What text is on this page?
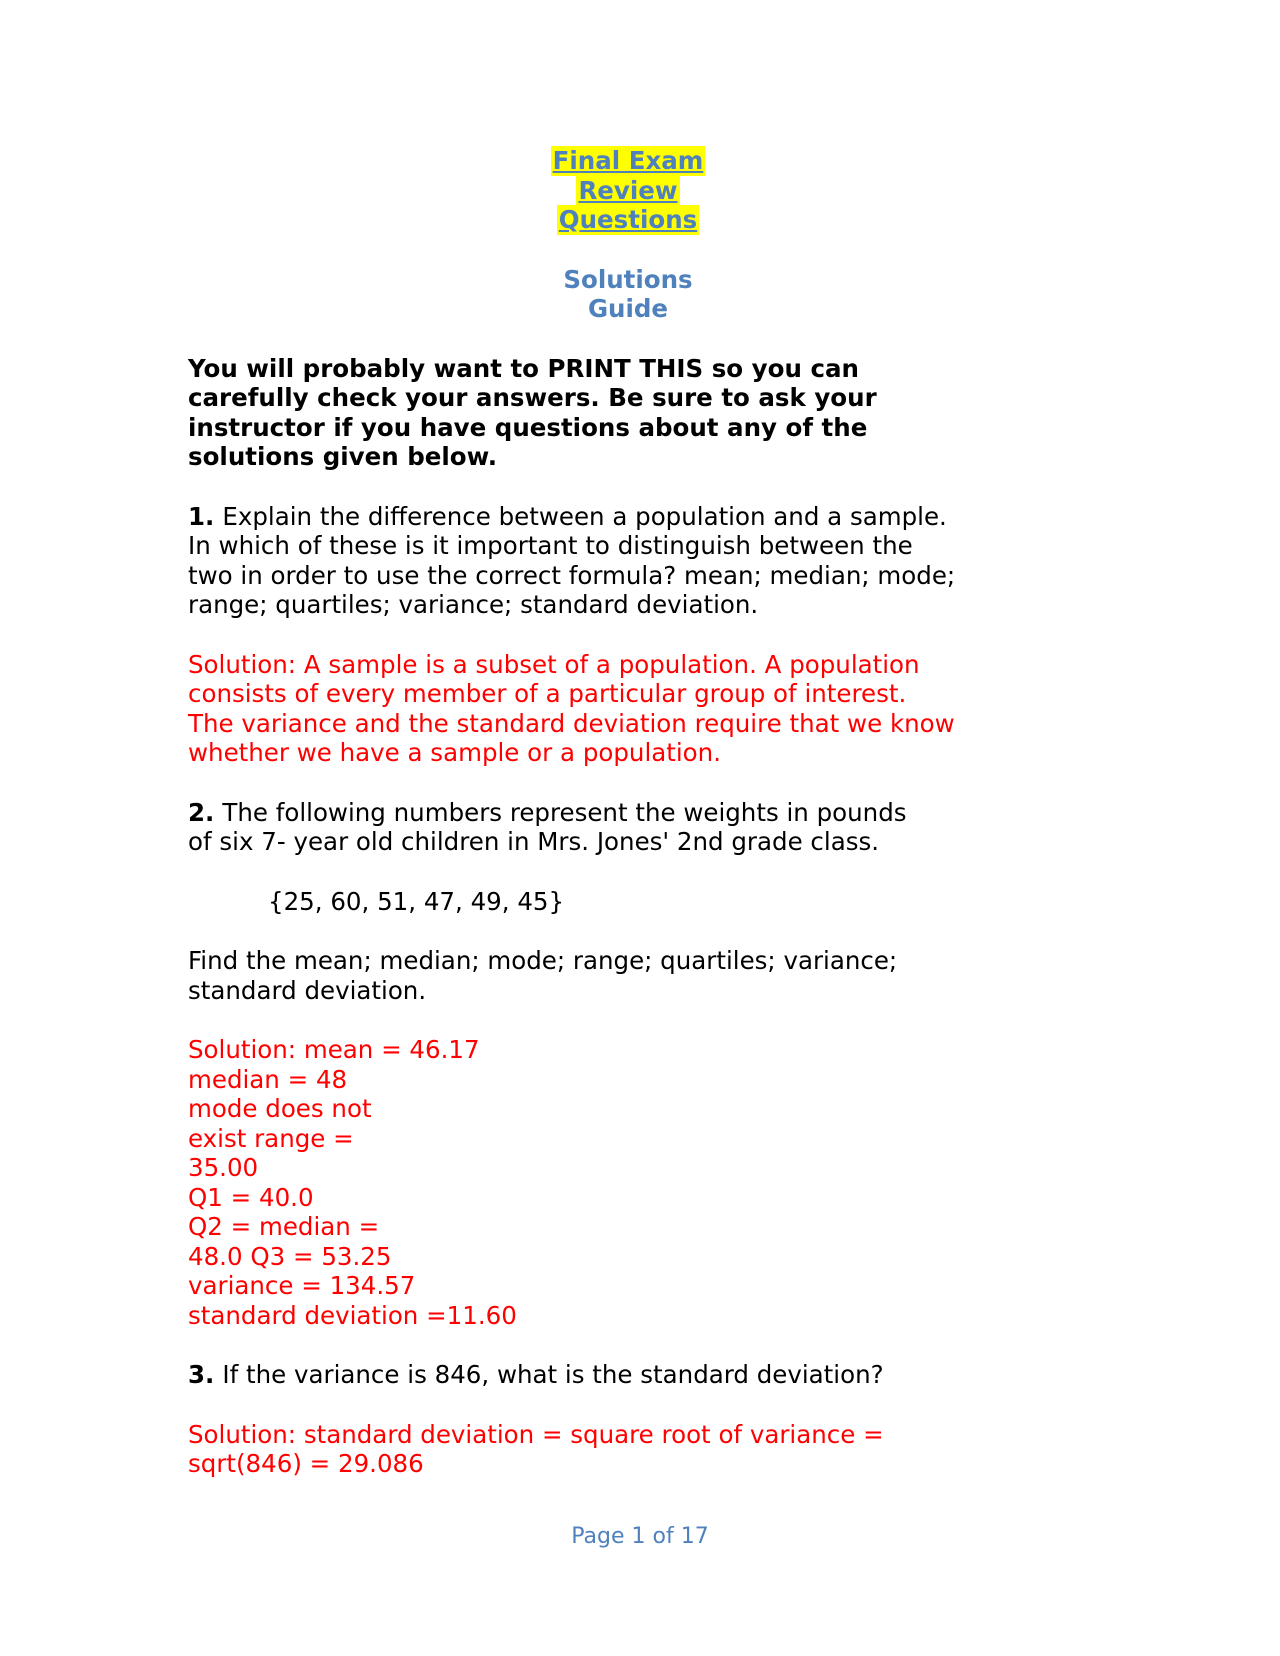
Final Exam
Review
Questions
Solutions
Guide
You will probably want to PRINT THIS so you can
carefully check your answers. Be sure to ask your
instructor if you have questions about any of the
solutions given below.
1. Explain the difference between a population and a sample.
In which of these is it important to distinguish between the
two in order to use the correct formula? mean; median; mode;
range; quartiles; variance; standard deviation.
Solution: A sample is a subset of a population. A population
consists of every member of a particular group of interest.
The variance and the standard deviation require that we know
whether we have a sample or a population.
2. The following numbers represent the weights in pounds
of six 7- year old children in Mrs. Jones' 2nd grade class.
{25, 60, 51, 47, 49, 45}
Find the mean; median; mode; range; quartiles; variance;
standard deviation.
Solution: mean = 46.17
median = 48
mode does not
exist range =
35.00
Q1 = 40.0
Q2 = median =
48.0 Q3 = 53.25
variance = 134.57
standard deviation =11.60
3. If the variance is 846, what is the standard deviation?
Solution: standard deviation = square root of variance =
sqrt(846) = 29.086
Page 1 of 17
